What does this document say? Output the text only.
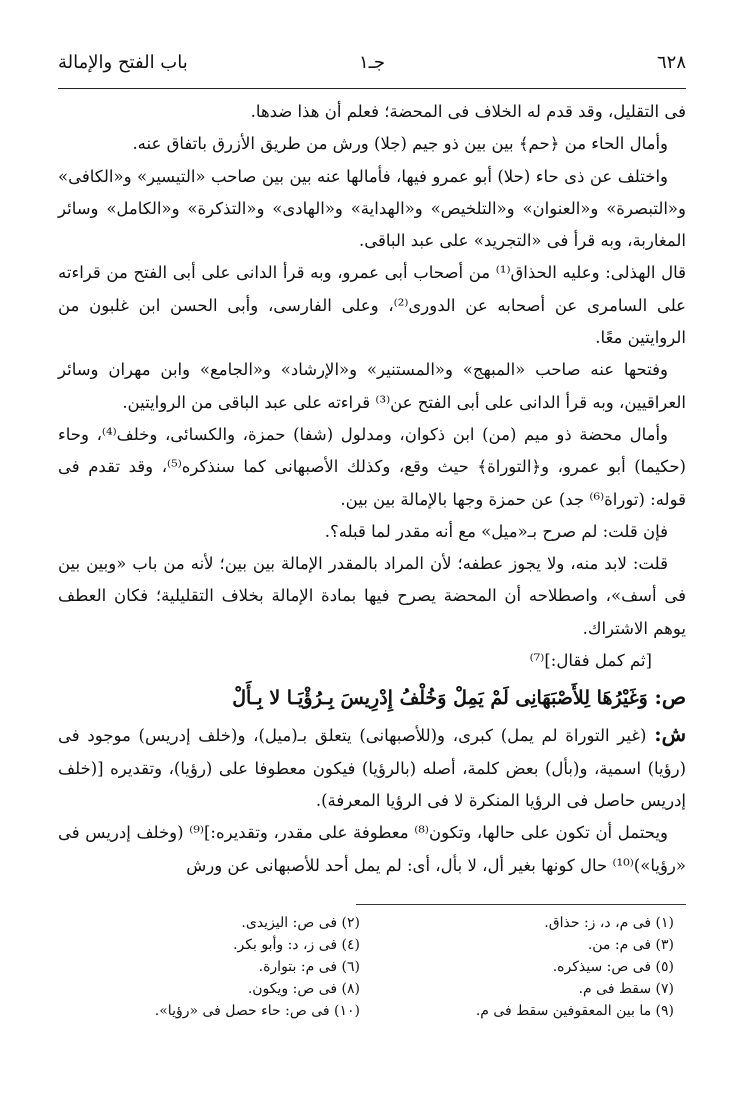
٦٢٨
جـ١
باب الفتح والإمالة

فى التقليل، وقد قدم له الخلاف فى المحضة؛ فعلم أن هذا ضدها.

وأمال الحاء من ﴿حم﴾ بين بين ذو جيم (جلا) ورش من طريق الأزرق باتفاق عنه.

واختلف عن ذى حاء (حلا) أبو عمرو فيها، فأمالها عنه بين بين صاحب «التيسير» و«الكافى» و«التبصرة» و«العنوان» و«التلخيص» و«الهداية» و«الهادى» و«التذكرة» و«الكامل» وسائر المغاربة، وبه قرأ فى «التجريد» على عبد الباقى.

قال الهذلى: وعليه الحذاق⁽¹⁾ من أصحاب أبى عمرو، وبه قرأ الدانى على أبى الفتح من قراءته على السامرى عن أصحابه عن الدورى⁽²⁾، وعلى الفارسى، وأبى الحسن ابن غلبون من الروايتين معًا.

وفتحها عنه صاحب «المبهج» و«المستنير» و«الإرشاد» و«الجامع» وابن مهران وسائر العراقيين، وبه قرأ الدانى على أبى الفتح عن⁽³⁾ قراءته على عبد الباقى من الروايتين.

وأمال محضة ذو ميم (من) ابن ذكوان، ومدلول (شفا) حمزة، والكسائى، وخلف⁽⁴⁾، وحاء (حكيما) أبو عمرو، و﴿التوراة﴾ حيث وقع، وكذلك الأصبهانى كما سنذكره⁽⁵⁾، وقد تقدم فى قوله: (توراة⁽⁶⁾ جد) عن حمزة وجها بالإمالة بين بين.

فإن قلت: لم صرح بـ«ميل» مع أنه مقدر لما قبله؟.

قلت: لابد منه، ولا يجوز عطفه؛ لأن المراد بالمقدر الإمالة بين بين؛ لأنه من باب «وبين بين فى أسف»، واصطلاحه أن المحضة يصرح فيها بمادة الإمالة بخلاف التقليلية؛ فكان العطف يوهم الاشتراك.

[ثم كمل فقال:]⁽⁷⁾

ص: وَغَيْرُهَا لِلأَصْبَهَانِى لَمْ يَمِلْ وَخُلْفُ إِدْرِيسَ بِـرُؤْيَـا لا بِـأَلْ

ش: (غير التوراة لم يمل) كبرى، و(للأصبهانى) يتعلق بـ(ميل)، و(خلف إدريس) موجود فى (رؤيا) اسمية، و(بأل) بعض كلمة، أصله (بالرؤيا) فيكون معطوفا على (رؤيا)، وتقديره [(خلف إدريس حاصل فى الرؤيا المنكرة لا فى الرؤيا المعرفة).

ويحتمل أن تكون على حالها، وتكون⁽⁸⁾ معطوفة على مقدر، وتقديره:]⁽⁹⁾ (وخلف إدريس فى «رؤيا»)⁽¹⁰⁾ حال كونها بغير أل، لا بأل، أى: لم يمل أحد للأصبهانى عن ورش

(١) فى م، د، ز: حذاق.

(٣) فى م: من.

(٥) فى ص: سيذكره.

(٧) سقط فى م.

(٩) ما بين المعقوفين سقط فى م.

(٢) فى ص: اليزيدى.

(٤) فى ز، د: وأبو بكر.

(٦) فى م: بتوارة.

(٨) فى ص: ويكون.

(١٠) فى ص: حاء حصل فى «رؤيا».
